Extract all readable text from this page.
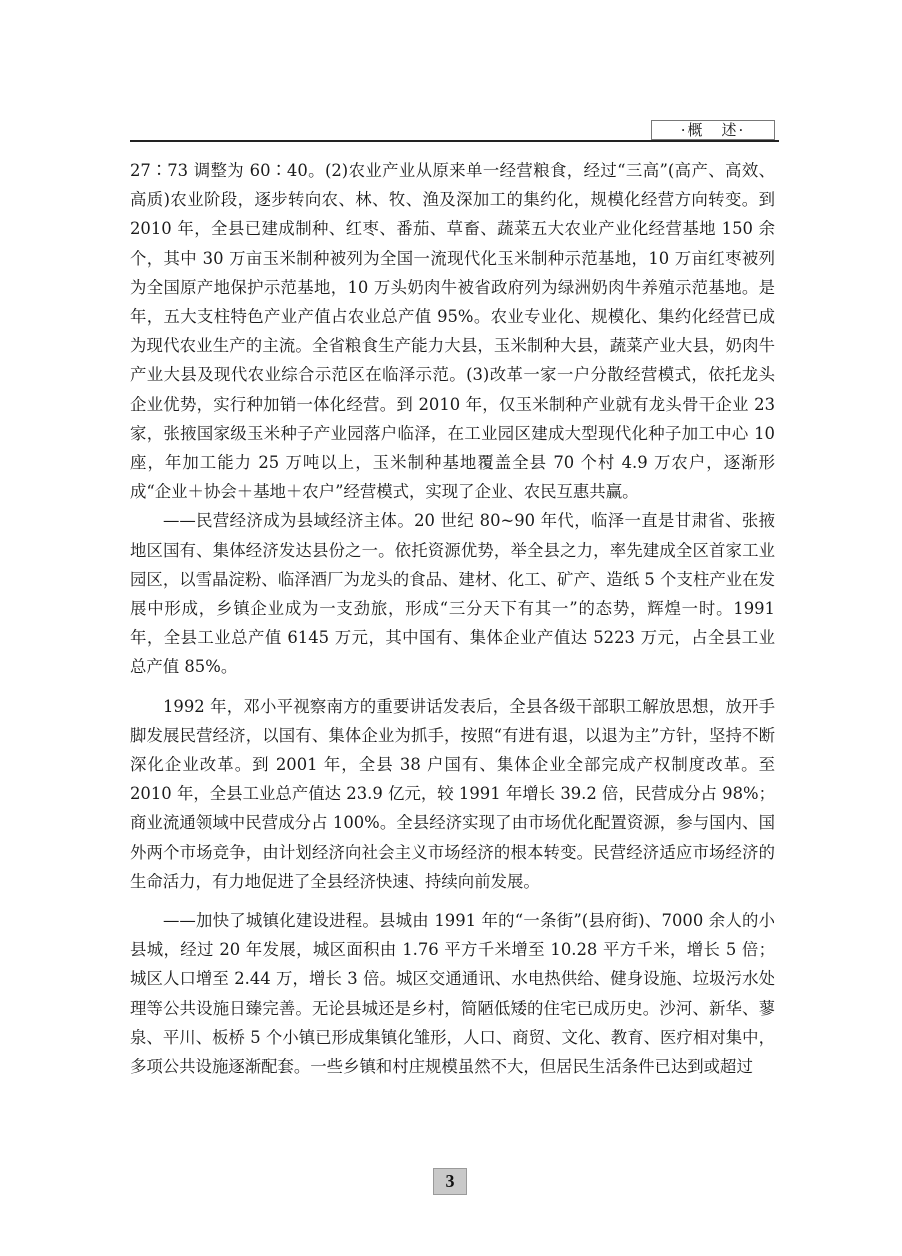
·概　述·

27∶73 调整为 60∶40。(2)农业产业从原来单一经营粮食，经过“三高”(高产、高效、高质)农业阶段，逐步转向农、林、牧、渔及深加工的集约化，规模化经营方向转变。到 2010 年，全县已建成制种、红枣、番茄、草畜、蔬菜五大农业产业化经营基地 150 余个，其中 30 万亩玉米制种被列为全国一流现代化玉米制种示范基地，10 万亩红枣被列为全国原产地保护示范基地，10 万头奶肉牛被省政府列为绿洲奶肉牛养殖示范基地。是年，五大支柱特色产业产值占农业总产值 95%。农业专业化、规模化、集约化经营已成为现代农业生产的主流。全省粮食生产能力大县，玉米制种大县，蔬菜产业大县，奶肉牛产业大县及现代农业综合示范区在临泽示范。(3)改革一家一户分散经营模式，依托龙头企业优势，实行种加销一体化经营。到 2010 年，仅玉米制种产业就有龙头骨干企业 23 家，张掖国家级玉米种子产业园落户临泽，在工业园区建成大型现代化种子加工中心 10 座，年加工能力 25 万吨以上，玉米制种基地覆盖全县 70 个村 4.9 万农户，逐渐形成“企业＋协会＋基地＋农户”经营模式，实现了企业、农民互惠共赢。

——民营经济成为县域经济主体。20 世纪 80~90 年代，临泽一直是甘肃省、张掖地区国有、集体经济发达县份之一。依托资源优势，举全县之力，率先建成全区首家工业园区，以雪晶淀粉、临泽酒厂为龙头的食品、建材、化工、矿产、造纸 5 个支柱产业在发展中形成，乡镇企业成为一支劲旅，形成“三分天下有其一”的态势，辉煌一时。1991 年，全县工业总产值 6145 万元，其中国有、集体企业产值达 5223 万元，占全县工业总产值 85%。

1992 年，邓小平视察南方的重要讲话发表后，全县各级干部职工解放思想，放开手脚发展民营经济，以国有、集体企业为抓手，按照“有进有退，以退为主”方针，坚持不断深化企业改革。到 2001 年，全县 38 户国有、集体企业全部完成产权制度改革。至 2010 年，全县工业总产值达 23.9 亿元，较 1991 年增长 39.2 倍，民营成分占 98%；商业流通领域中民营成分占 100%。全县经济实现了由市场优化配置资源，参与国内、国外两个市场竞争，由计划经济向社会主义市场经济的根本转变。民营经济适应市场经济的生命活力，有力地促进了全县经济快速、持续向前发展。

——加快了城镇化建设进程。县城由 1991 年的“一条街”(县府街)、7000 余人的小县城，经过 20 年发展，城区面积由 1.76 平方千米增至 10.28 平方千米，增长 5 倍；城区人口增至 2.44 万，增长 3 倍。城区交通通讯、水电热供给、健身设施、垃圾污水处理等公共设施日臻完善。无论县城还是乡村，简陋低矮的住宅已成历史。沙河、新华、蓼泉、平川、板桥 5 个小镇已形成集镇化雏形，人口、商贸、文化、教育、医疗相对集中，多项公共设施逐渐配套。一些乡镇和村庄规模虽然不大，但居民生活条件已达到或超过

3
